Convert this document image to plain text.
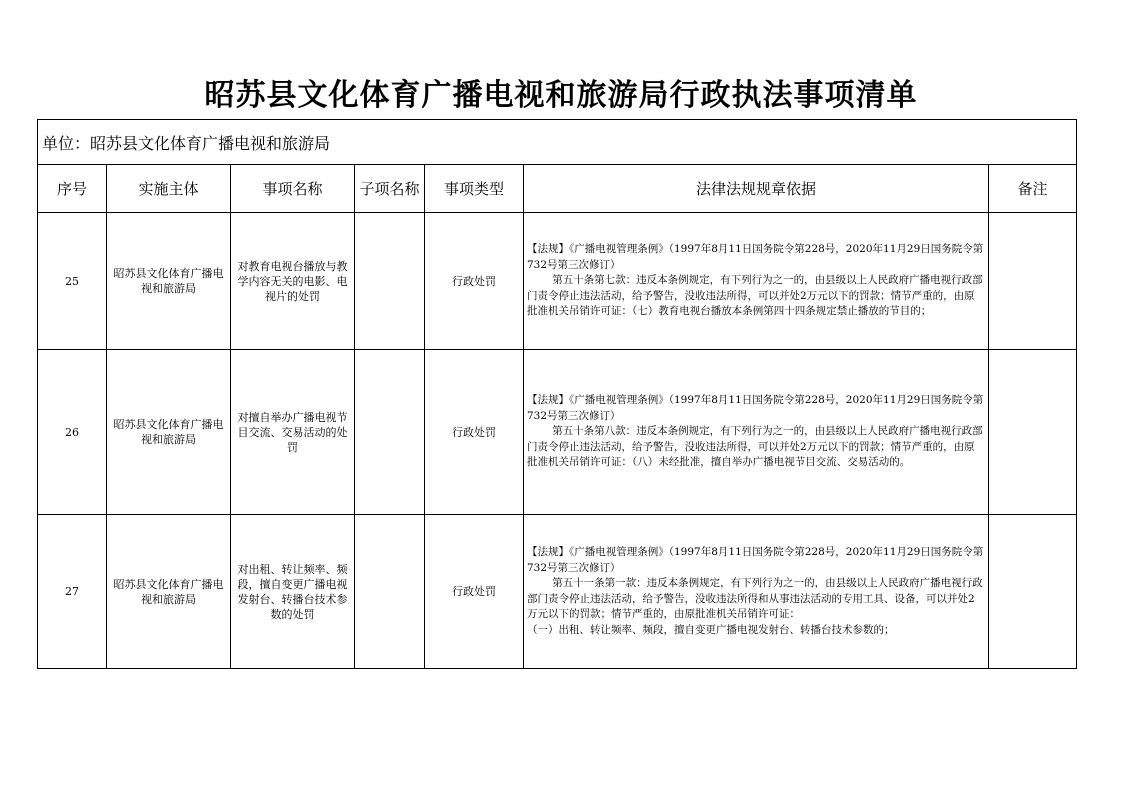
昭苏县文化体育广播电视和旅游局行政执法事项清单
单位：昭苏县文化体育广播电视和旅游局						
序号	实施主体	事项名称	子项名称	事项类型	法律法规规章依据	备注
25	昭苏县文化体育广播电视和旅游局	对教育电视台播放与教学内容无关的电影、电视片的处罚		行政处罚	【法规】《广播电视管理条例》（1997年8月11日国务院令第228号，2020年11月29日国务院令第732号第三次修订）
第五十条第七款：违反本条例规定，有下列行为之一的，由县级以上人民政府广播电视行政部门责令停止违法活动，给予警告，没收违法所得，可以并处2万元以下的罚款；情节严重的，由原批准机关吊销许可证：（七）教育电视台播放本条例第四十四条规定禁止播放的节目的；	

26	昭苏县文化体育广播电视和旅游局	对擅自举办广播电视节目交流、交易活动的处罚		行政处罚	【法规】《广播电视管理条例》（1997年8月11日国务院令第228号，2020年11月29日国务院令第732号第三次修订）
第五十条第八款：违反本条例规定，有下列行为之一的，由县级以上人民政府广播电视行政部门责令停止违法活动，给予警告，没收违法所得，可以并处2万元以下的罚款；情节严重的，由原批准机关吊销许可证：（八）未经批准，擅自举办广播电视节目交流、交易活动的。	

27	昭苏县文化体育广播电视和旅游局	对出租、转让频率、频段，擅自变更广播电视发射台、转播台技术参数的处罚		行政处罚	【法规】《广播电视管理条例》（1997年8月11日国务院令第228号，2020年11月29日国务院令第732号第三次修订）
第五十一条第一款：违反本条例规定，有下列行为之一的，由县级以上人民政府广播电视行政部门责令停止违法活动，给予警告，没收违法所得和从事违法活动的专用工具、设备，可以并处2万元以下的罚款；情节严重的，由原批准机关吊销许可证：
（一）出租、转让频率、频段，擅自变更广播电视发射台、转播台技术参数的；	
